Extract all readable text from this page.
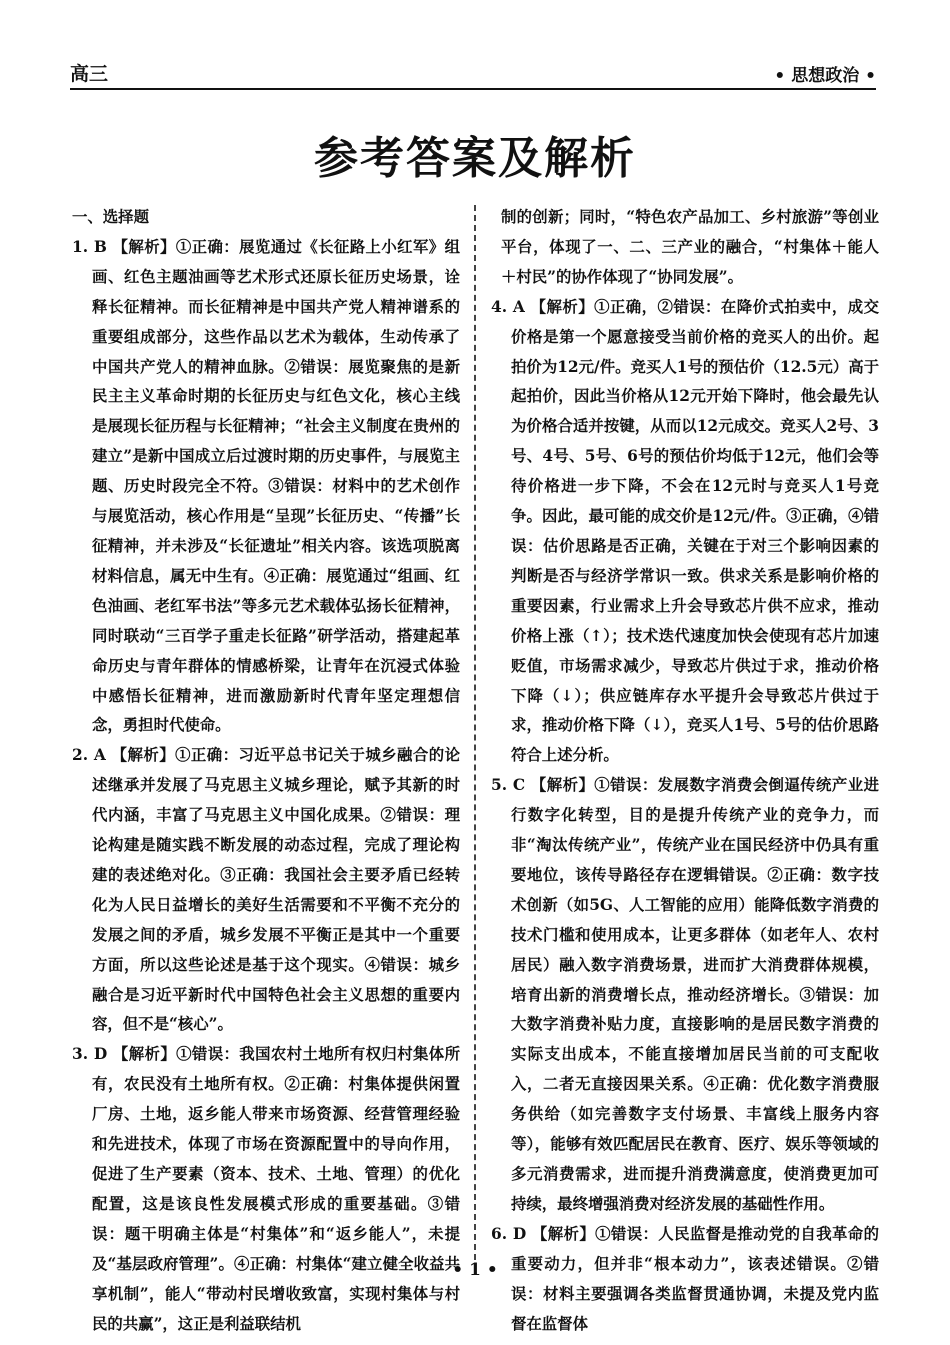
高三	• 思想政治 •
参考答案及解析

一、选择题

1. B 【解析】①正确：展览通过《长征路上小红军》组画、红色主题油画等艺术形式还原长征历史场景，诠释长征精神。而长征精神是中国共产党人精神谱系的重要组成部分，这些作品以艺术为载体，生动传承了中国共产党人的精神血脉。②错误：展览聚焦的是新民主主义革命时期的长征历史与红色文化，核心主线是展现长征历程与长征精神；“社会主义制度在贵州的建立”是新中国成立后过渡时期的历史事件，与展览主题、历史时段完全不符。③错误：材料中的艺术创作与展览活动，核心作用是“呈现”长征历史、“传播”长征精神，并未涉及“长征遗址”相关内容。该选项脱离材料信息，属无中生有。④正确：展览通过“组画、红色油画、老红军书法”等多元艺术载体弘扬长征精神，同时联动“三百学子重走长征路”研学活动，搭建起革命历史与青年群体的情感桥梁，让青年在沉浸式体验中感悟长征精神，进而激励新时代青年坚定理想信念，勇担时代使命。

2. A 【解析】①正确：习近平总书记关于城乡融合的论述继承并发展了马克思主义城乡理论，赋予其新的时代内涵，丰富了马克思主义中国化成果。②错误：理论构建是随实践不断发展的动态过程，完成了理论构建的表述绝对化。③正确：我国社会主要矛盾已经转化为人民日益增长的美好生活需要和不平衡不充分的发展之间的矛盾，城乡发展不平衡正是其中一个重要方面，所以这些论述是基于这个现实。④错误：城乡融合是习近平新时代中国特色社会主义思想的重要内容，但不是“核心”。

3. D 【解析】①错误：我国农村土地所有权归村集体所有，农民没有土地所有权。②正确：村集体提供闲置厂房、土地，返乡能人带来市场资源、经营管理经验和先进技术，体现了市场在资源配置中的导向作用，促进了生产要素（资本、技术、土地、管理）的优化配置，这是该良性发展模式形成的重要基础。③错误：题干明确主体是“村集体”和“返乡能人”，未提及“基层政府管理”。④正确：村集体“建立健全收益共享机制”，能人“带动村民增收致富，实现村集体与村民的共赢”，这正是利益联结机

制的创新；同时，“特色农产品加工、乡村旅游”等创业平台，体现了一、二、三产业的融合，“村集体＋能人＋村民”的协作体现了“协同发展”。

4. A 【解析】①正确，②错误：在降价式拍卖中，成交价格是第一个愿意接受当前价格的竞买人的出价。起拍价为12元/件。竞买人1号的预估价（12.5元）高于起拍价，因此当价格从12元开始下降时，他会最先认为价格合适并按键，从而以12元成交。竞买人2号、3号、4号、5号、6号的预估价均低于12元，他们会等待价格进一步下降，不会在12元时与竞买人1号竞争。因此，最可能的成交价是12元/件。③正确，④错误：估价思路是否正确，关键在于对三个影响因素的判断是否与经济学常识一致。供求关系是影响价格的重要因素，行业需求上升会导致芯片供不应求，推动价格上涨（↑）；技术迭代速度加快会使现有芯片加速贬值，市场需求减少，导致芯片供过于求，推动价格下降（↓）；供应链库存水平提升会导致芯片供过于求，推动价格下降（↓），竞买人1号、5号的估价思路符合上述分析。

5. C 【解析】①错误：发展数字消费会倒逼传统产业进行数字化转型，目的是提升传统产业的竞争力，而非“淘汰传统产业”，传统产业在国民经济中仍具有重要地位，该传导路径存在逻辑错误。②正确：数字技术创新（如5G、人工智能的应用）能降低数字消费的技术门槛和使用成本，让更多群体（如老年人、农村居民）融入数字消费场景，进而扩大消费群体规模，培育出新的消费增长点，推动经济增长。③错误：加大数字消费补贴力度，直接影响的是居民数字消费的实际支出成本，不能直接增加居民当前的可支配收入，二者无直接因果关系。④正确：优化数字消费服务供给（如完善数字支付场景、丰富线上服务内容等），能够有效匹配居民在教育、医疗、娱乐等领域的多元消费需求，进而提升消费满意度，使消费更加可持续，最终增强消费对经济发展的基础性作用。

6. D 【解析】①错误：人民监督是推动党的自我革命的重要动力，但并非“根本动力”，该表述错误。②错误：材料主要强调各类监督贯通协调，未提及党内监督在监督体

• 1 •
